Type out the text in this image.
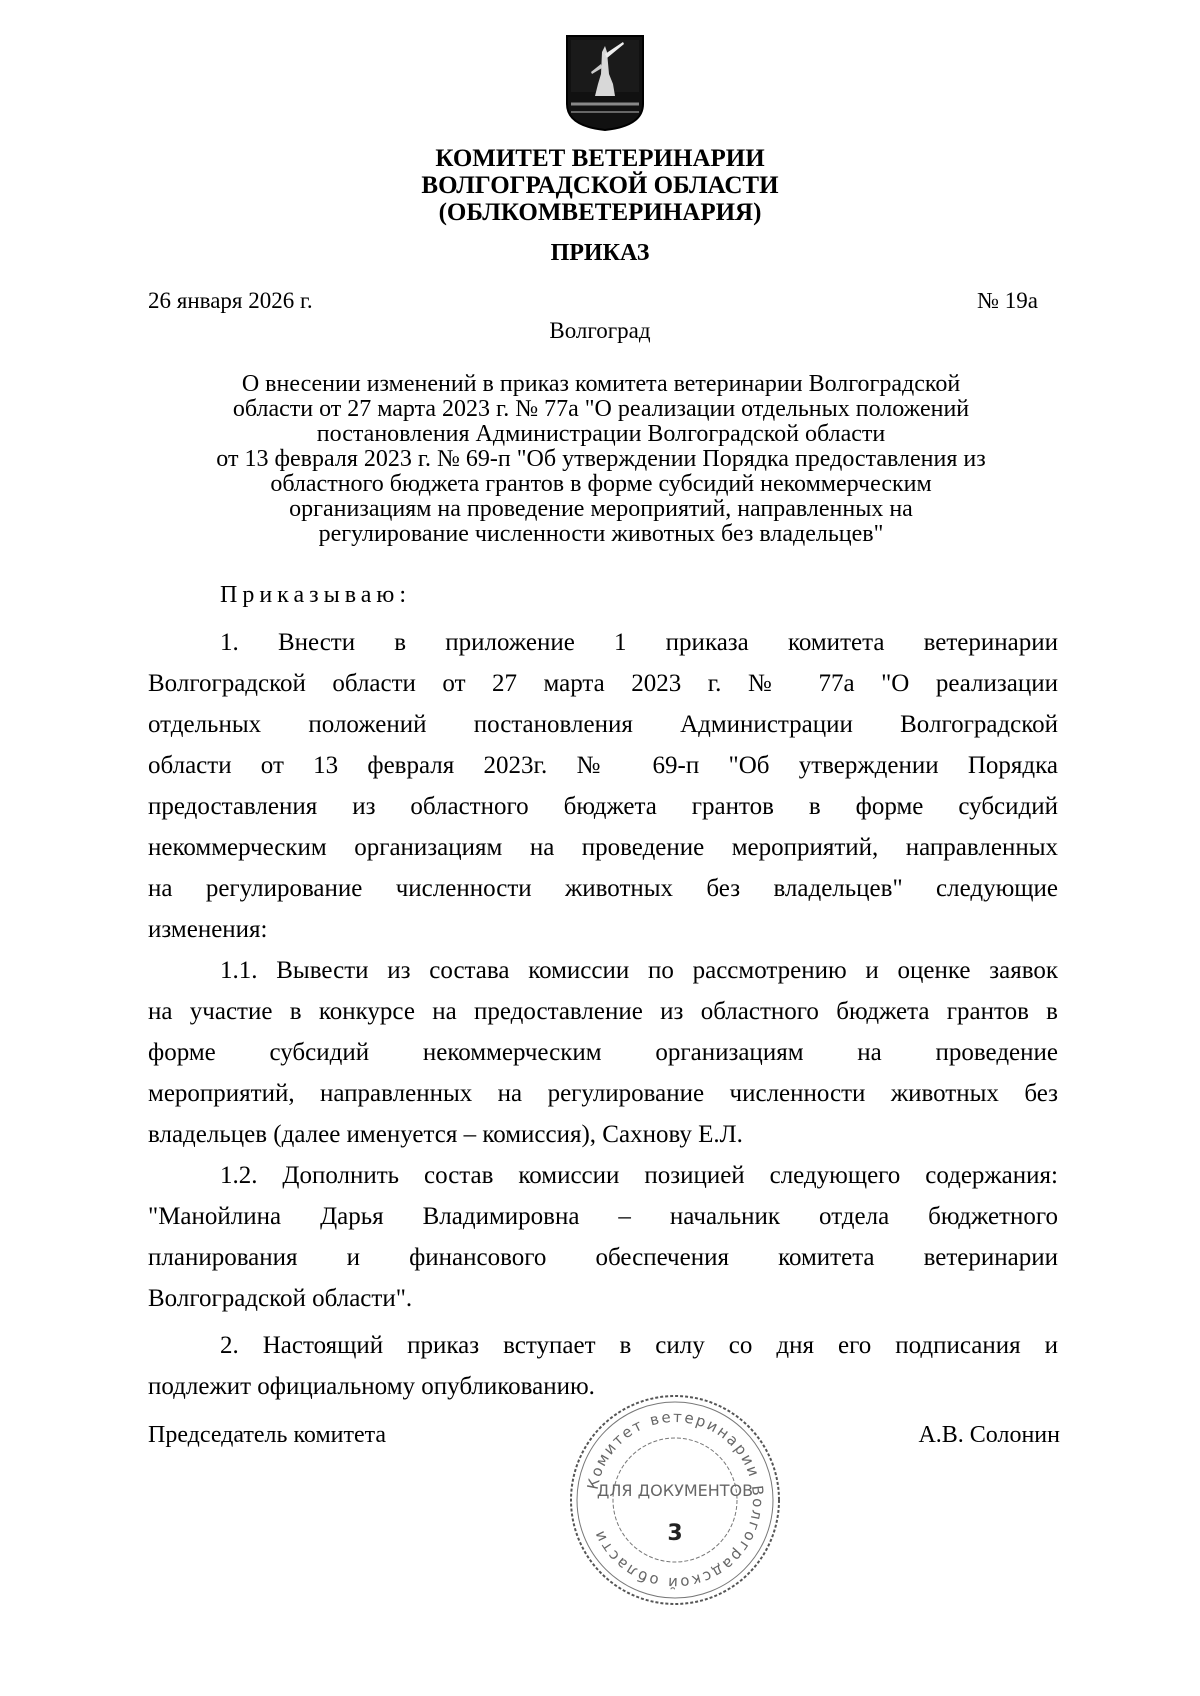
КОМИТЕТ ВЕТЕРИНАРИИ
ВОЛГОГРАДСКОЙ ОБЛАСТИ
(ОБЛКОМВЕТЕРИНАРИЯ)
ПРИКАЗ
26 января 2026 г.	№ 19а
Волгоград
О внесении изменений в приказ комитета ветеринарии Волгоградской
области от 27 марта 2023 г. № 77а "О реализации отдельных положений
постановления Администрации Волгоградской области
от 13 февраля 2023 г. № 69-п "Об утверждении Порядка предоставления из
областного бюджета грантов в форме субсидий некоммерческим
организациям на проведение мероприятий, направленных на
регулирование численности животных без владельцев"
Приказываю:
1. Внести в приложение 1 приказа комитета ветеринарии
Волгоградской области от 27 марта 2023 г. № 77а "О реализации
отдельных положений постановления Администрации Волгоградской
области от 13 февраля 2023г. № 69-п "Об утверждении Порядка
предоставления из областного бюджета грантов в форме субсидий
некоммерческим организациям на проведение мероприятий, направленных
на регулирование численности животных без владельцев" следующие
изменения:
1.1. Вывести из состава комиссии по рассмотрению и оценке заявок
на участие в конкурсе на предоставление из областного бюджета грантов в
форме субсидий некоммерческим организациям на проведение
мероприятий, направленных на регулирование численности животных без
владельцев (далее именуется – комиссия), Сахнову Е.Л.
1.2. Дополнить состав комиссии позицией следующего содержания:
"Манойлина Дарья Владимировна – начальник отдела бюджетного
планирования и финансового обеспечения комитета ветеринарии
Волгоградской области".
2. Настоящий приказ вступает в силу со дня его подписания и
подлежит официальному опубликованию.
Председатель комитета	А.В. Солонин
Комитет ветеринарии Волгоградской области
ДЛЯ ДОКУМЕНТОВ
3
